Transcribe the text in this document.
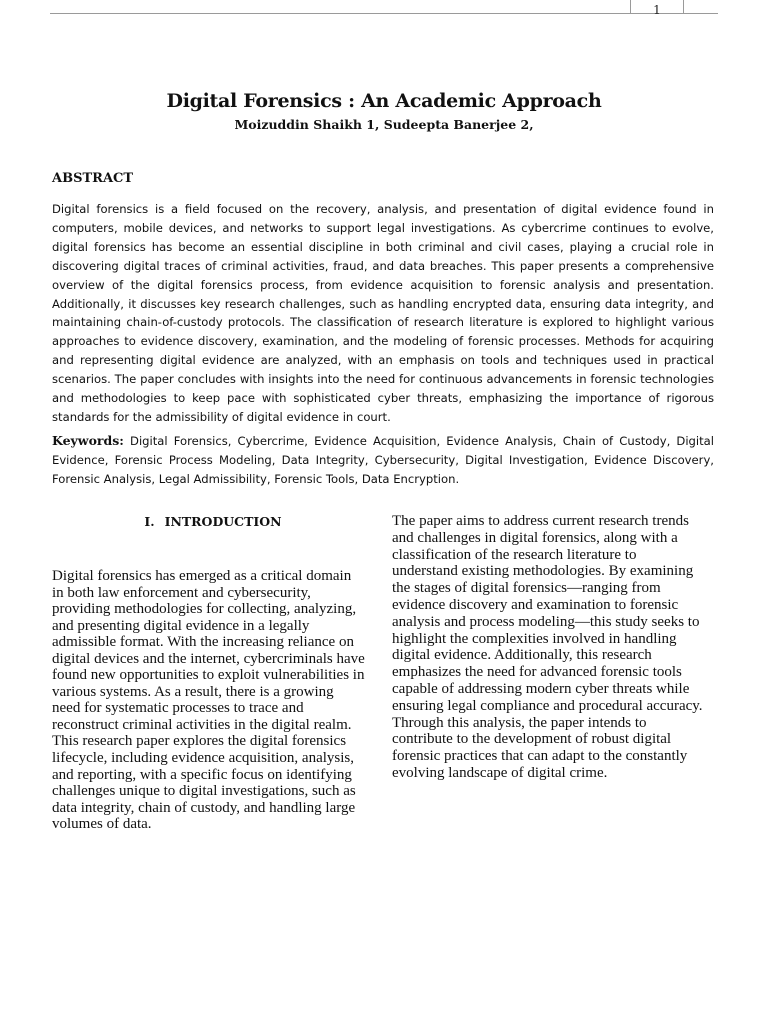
1
Digital Forensics : An Academic Approach
Moizuddin Shaikh 1, Sudeepta Banerjee 2,
ABSTRACT

Digital forensics is a field focused on the recovery, analysis, and presentation of digital evidence found in computers, mobile devices, and networks to support legal investigations. As cybercrime continues to evolve, digital forensics has become an essential discipline in both criminal and civil cases, playing a crucial role in discovering digital traces of criminal activities, fraud, and data breaches. This paper presents a comprehensive overview of the digital forensics process, from evidence acquisition to forensic analysis and presentation. Additionally, it discusses key research challenges, such as handling encrypted data, ensuring data integrity, and maintaining chain-of-custody protocols. The classification of research literature is explored to highlight various approaches to evidence discovery, examination, and the modeling of forensic processes. Methods for acquiring and representing digital evidence are analyzed, with an emphasis on tools and techniques used in practical scenarios. The paper concludes with insights into the need for continuous advancements in forensic technologies and methodologies to keep pace with sophisticated cyber threats, emphasizing the importance of rigorous standards for the admissibility of digital evidence in court.

Keywords: Digital Forensics, Cybercrime, Evidence Acquisition, Evidence Analysis, Chain of Custody, Digital Evidence, Forensic Process Modeling, Data Integrity, Cybersecurity, Digital Investigation, Evidence Discovery, Forensic Analysis, Legal Admissibility, Forensic Tools, Data Encryption.

I. INTRODUCTION
Digital forensics has emerged as a critical domain
in both law enforcement and cybersecurity,
providing methodologies for collecting, analyzing,
and presenting digital evidence in a legally
admissible format. With the increasing reliance on
digital devices and the internet, cybercriminals have
found new opportunities to exploit vulnerabilities in
various systems. As a result, there is a growing
need for systematic processes to trace and
reconstruct criminal activities in the digital realm.
This research paper explores the digital forensics
lifecycle, including evidence acquisition, analysis,
and reporting, with a specific focus on identifying
challenges unique to digital investigations, such as
data integrity, chain of custody, and handling large
volumes of data.
The paper aims to address current research trends
and challenges in digital forensics, along with a
classification of the research literature to
understand existing methodologies. By examining
the stages of digital forensics—ranging from
evidence discovery and examination to forensic
analysis and process modeling—this study seeks to
highlight the complexities involved in handling
digital evidence. Additionally, this research
emphasizes the need for advanced forensic tools
capable of addressing modern cyber threats while
ensuring legal compliance and procedural accuracy.
Through this analysis, the paper intends to
contribute to the development of robust digital
forensic practices that can adapt to the constantly
evolving landscape of digital crime.
